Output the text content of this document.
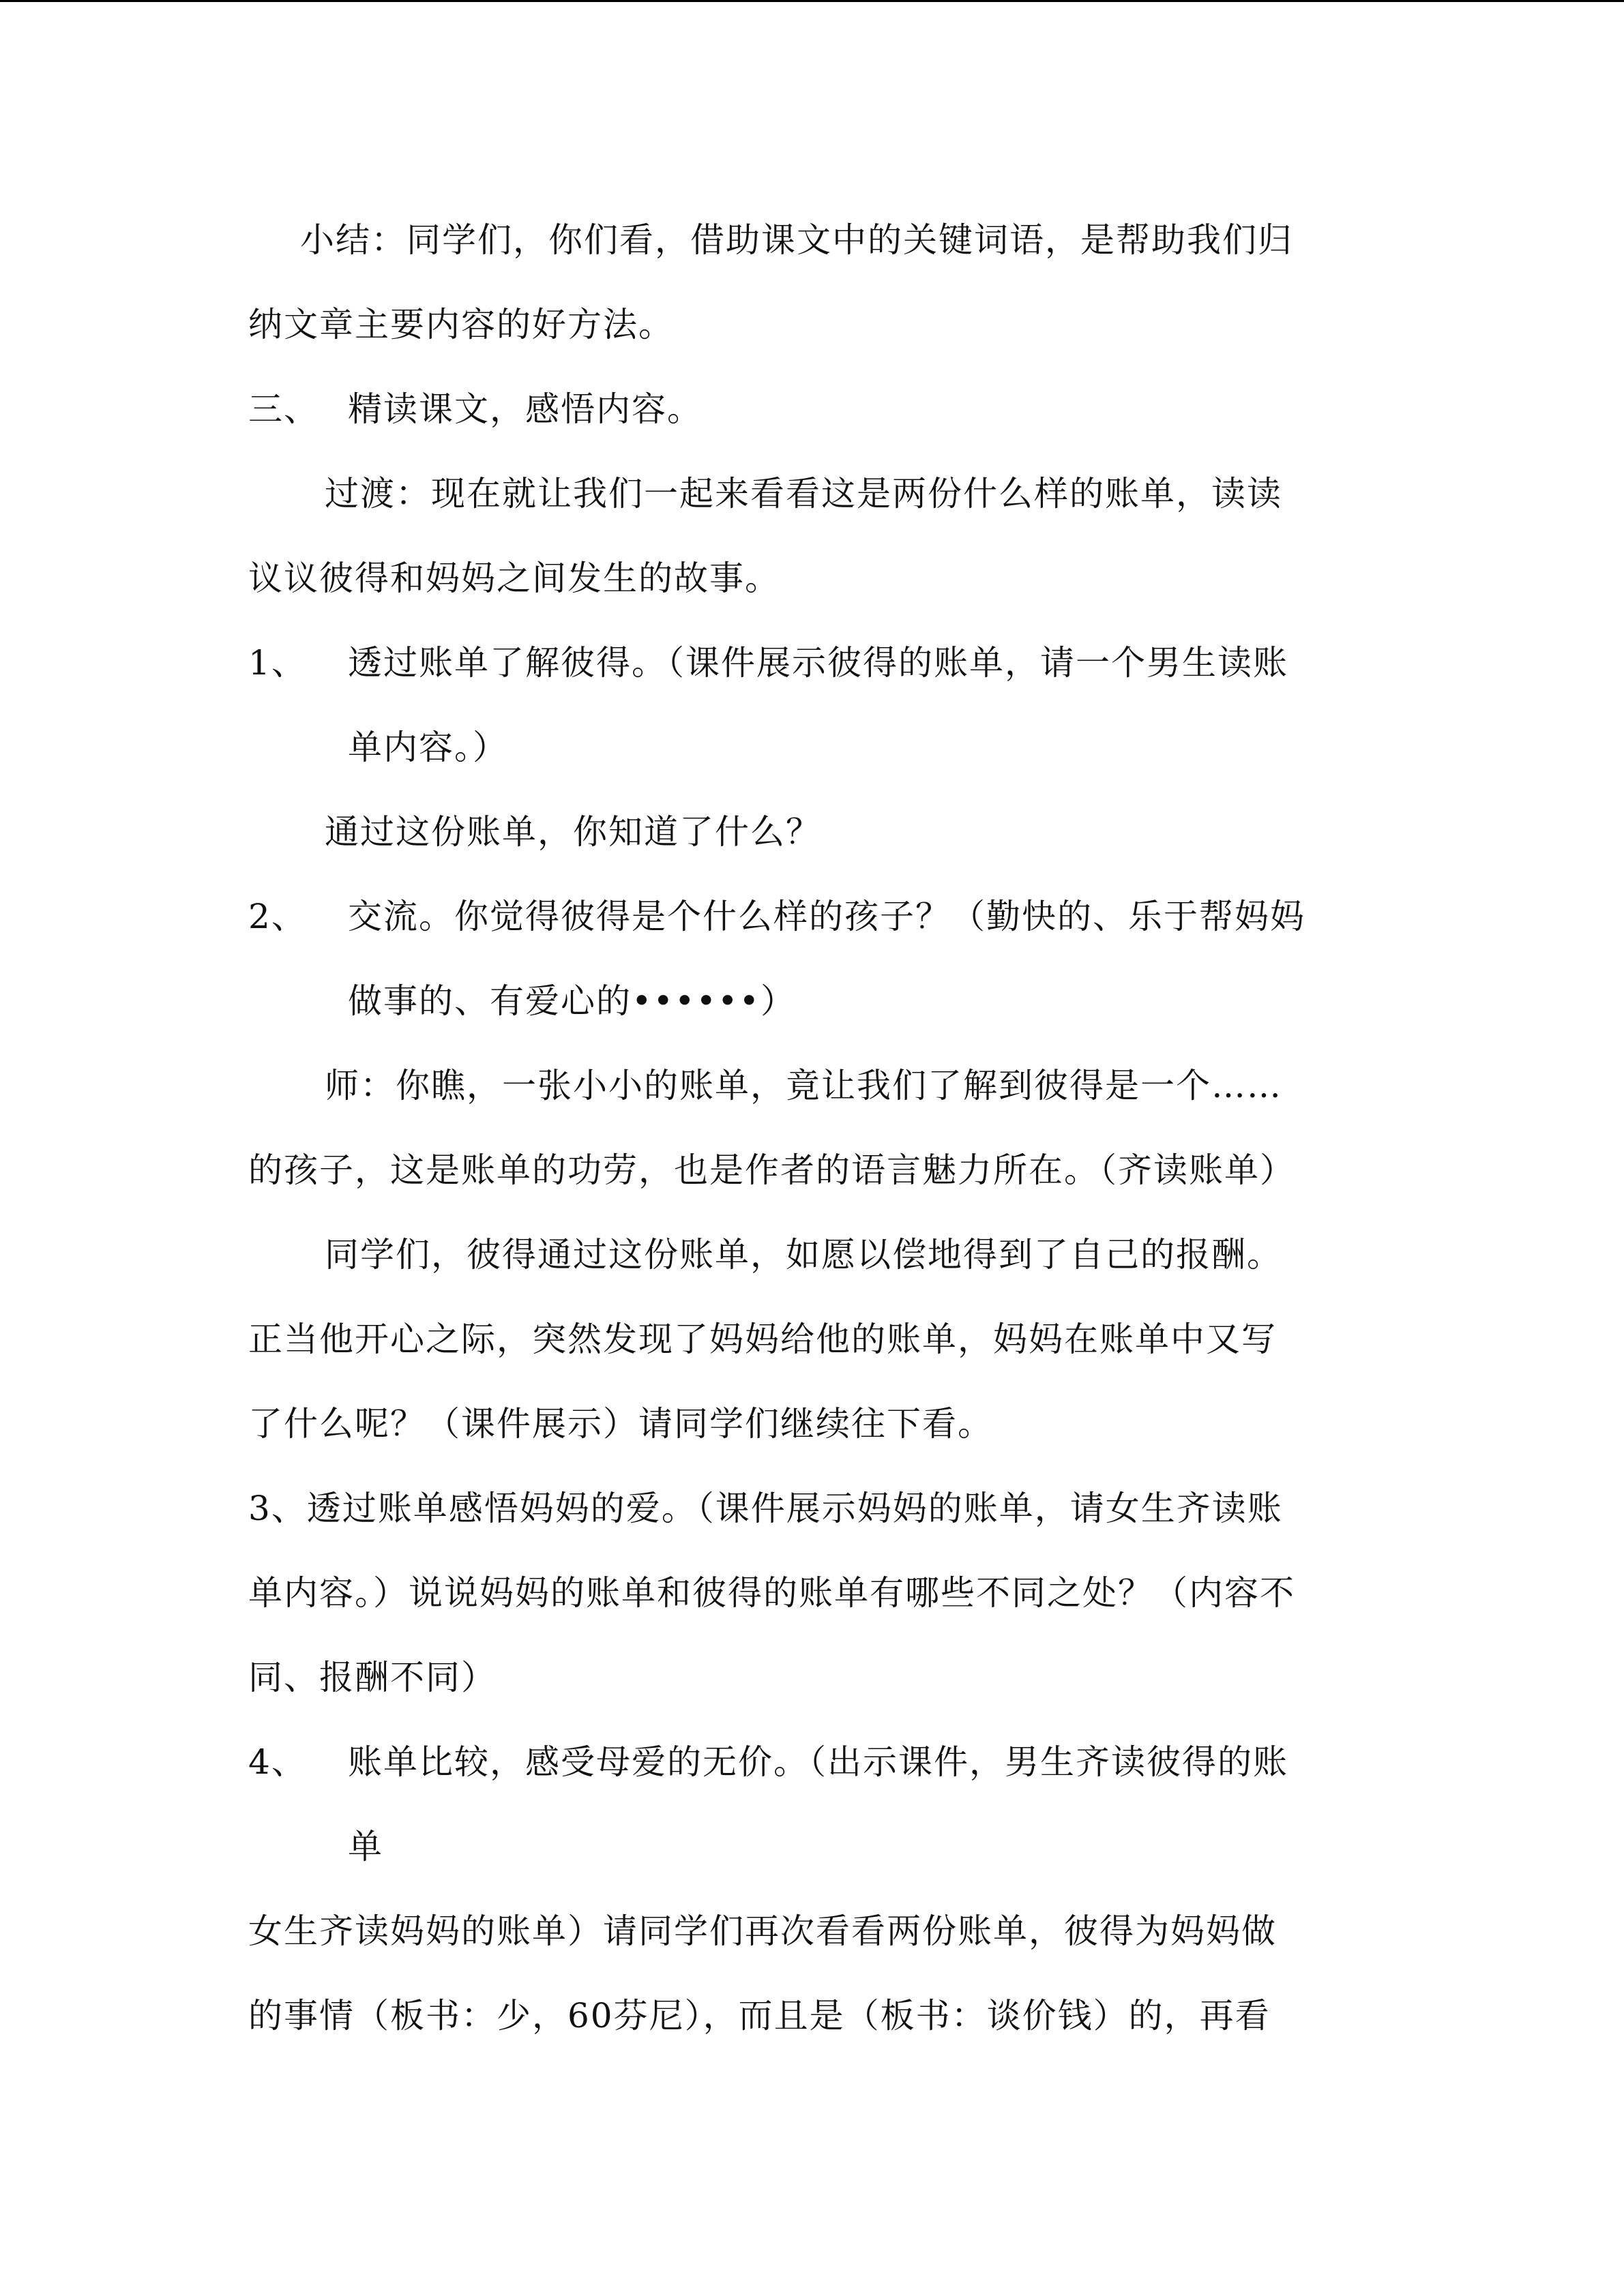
小结：同学们，你们看，借助课文中的关键词语，是帮助我们归
纳文章主要内容的好方法。
三、 精读课文，感悟内容。
过渡：现在就让我们一起来看看这是两份什么样的账单，读读
议议彼得和妈妈之间发生的故事。
1、 透过账单了解彼得。（课件展示彼得的账单，请一个男生读账
单内容。）
通过这份账单，你知道了什么？
2、 交流。你觉得彼得是个什么样的孩子？（勤快的、乐于帮妈妈
做事的、有爱心的••••••）
师：你瞧，一张小小的账单，竟让我们了解到彼得是一个……
的孩子，这是账单的功劳，也是作者的语言魅力所在。（齐读账单）
同学们，彼得通过这份账单，如愿以偿地得到了自己的报酬。
正当他开心之际，突然发现了妈妈给他的账单，妈妈在账单中又写
了什么呢？（课件展示）请同学们继续往下看。
3、透过账单感悟妈妈的爱。（课件展示妈妈的账单，请女生齐读账
单内容。）说说妈妈的账单和彼得的账单有哪些不同之处？（内容不
同、报酬不同）
4、 账单比较，感受母爱的无价。（出示课件，男生齐读彼得的账
单
女生齐读妈妈的账单）请同学们再次看看两份账单，彼得为妈妈做
的事情（板书：少，60芬尼），而且是（板书：谈价钱）的，再看
